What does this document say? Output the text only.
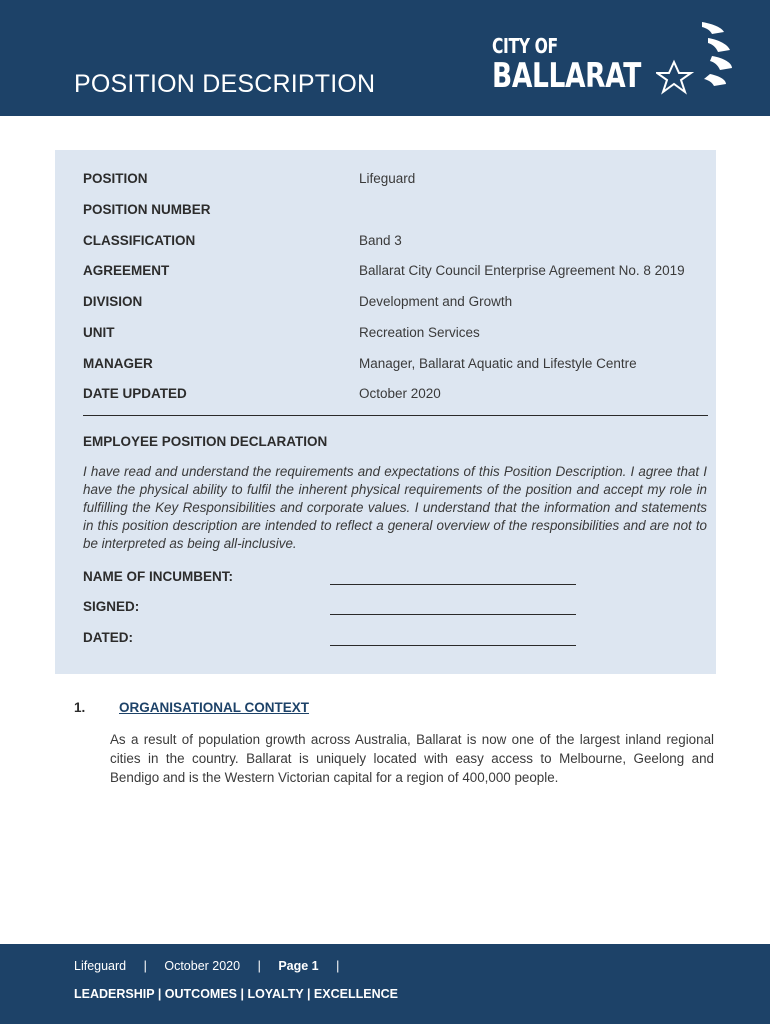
POSITION DESCRIPTION
CITY OF
BALLARAT
POSITION	Lifeguard
POSITION NUMBER
CLASSIFICATION	Band 3
AGREEMENT	Ballarat City Council Enterprise Agreement No. 8 2019
DIVISION	Development and Growth
UNIT	Recreation Services
MANAGER	Manager, Ballarat Aquatic and Lifestyle Centre
DATE UPDATED	October 2020
EMPLOYEE POSITION DECLARATION
I have read and understand the requirements and expectations of this Position Description. I agree that I have the physical ability to fulfil the inherent physical requirements of the position and accept my role in fulfilling the Key Responsibilities and corporate values. I understand that the information and statements in this position description are intended to reflect a general overview of the responsibilities and are not to be interpreted as being all-inclusive.
NAME OF INCUMBENT:
SIGNED:
DATED:
1. ORGANISATIONAL CONTEXT
As a result of population growth across Australia, Ballarat is now one of the largest inland regional cities in the country. Ballarat is uniquely located with easy access to Melbourne, Geelong and Bendigo and is the Western Victorian capital for a region of 400,000 people.
Lifeguard | October 2020 | Page 1 |
LEADERSHIP | OUTCOMES | LOYALTY | EXCELLENCE
